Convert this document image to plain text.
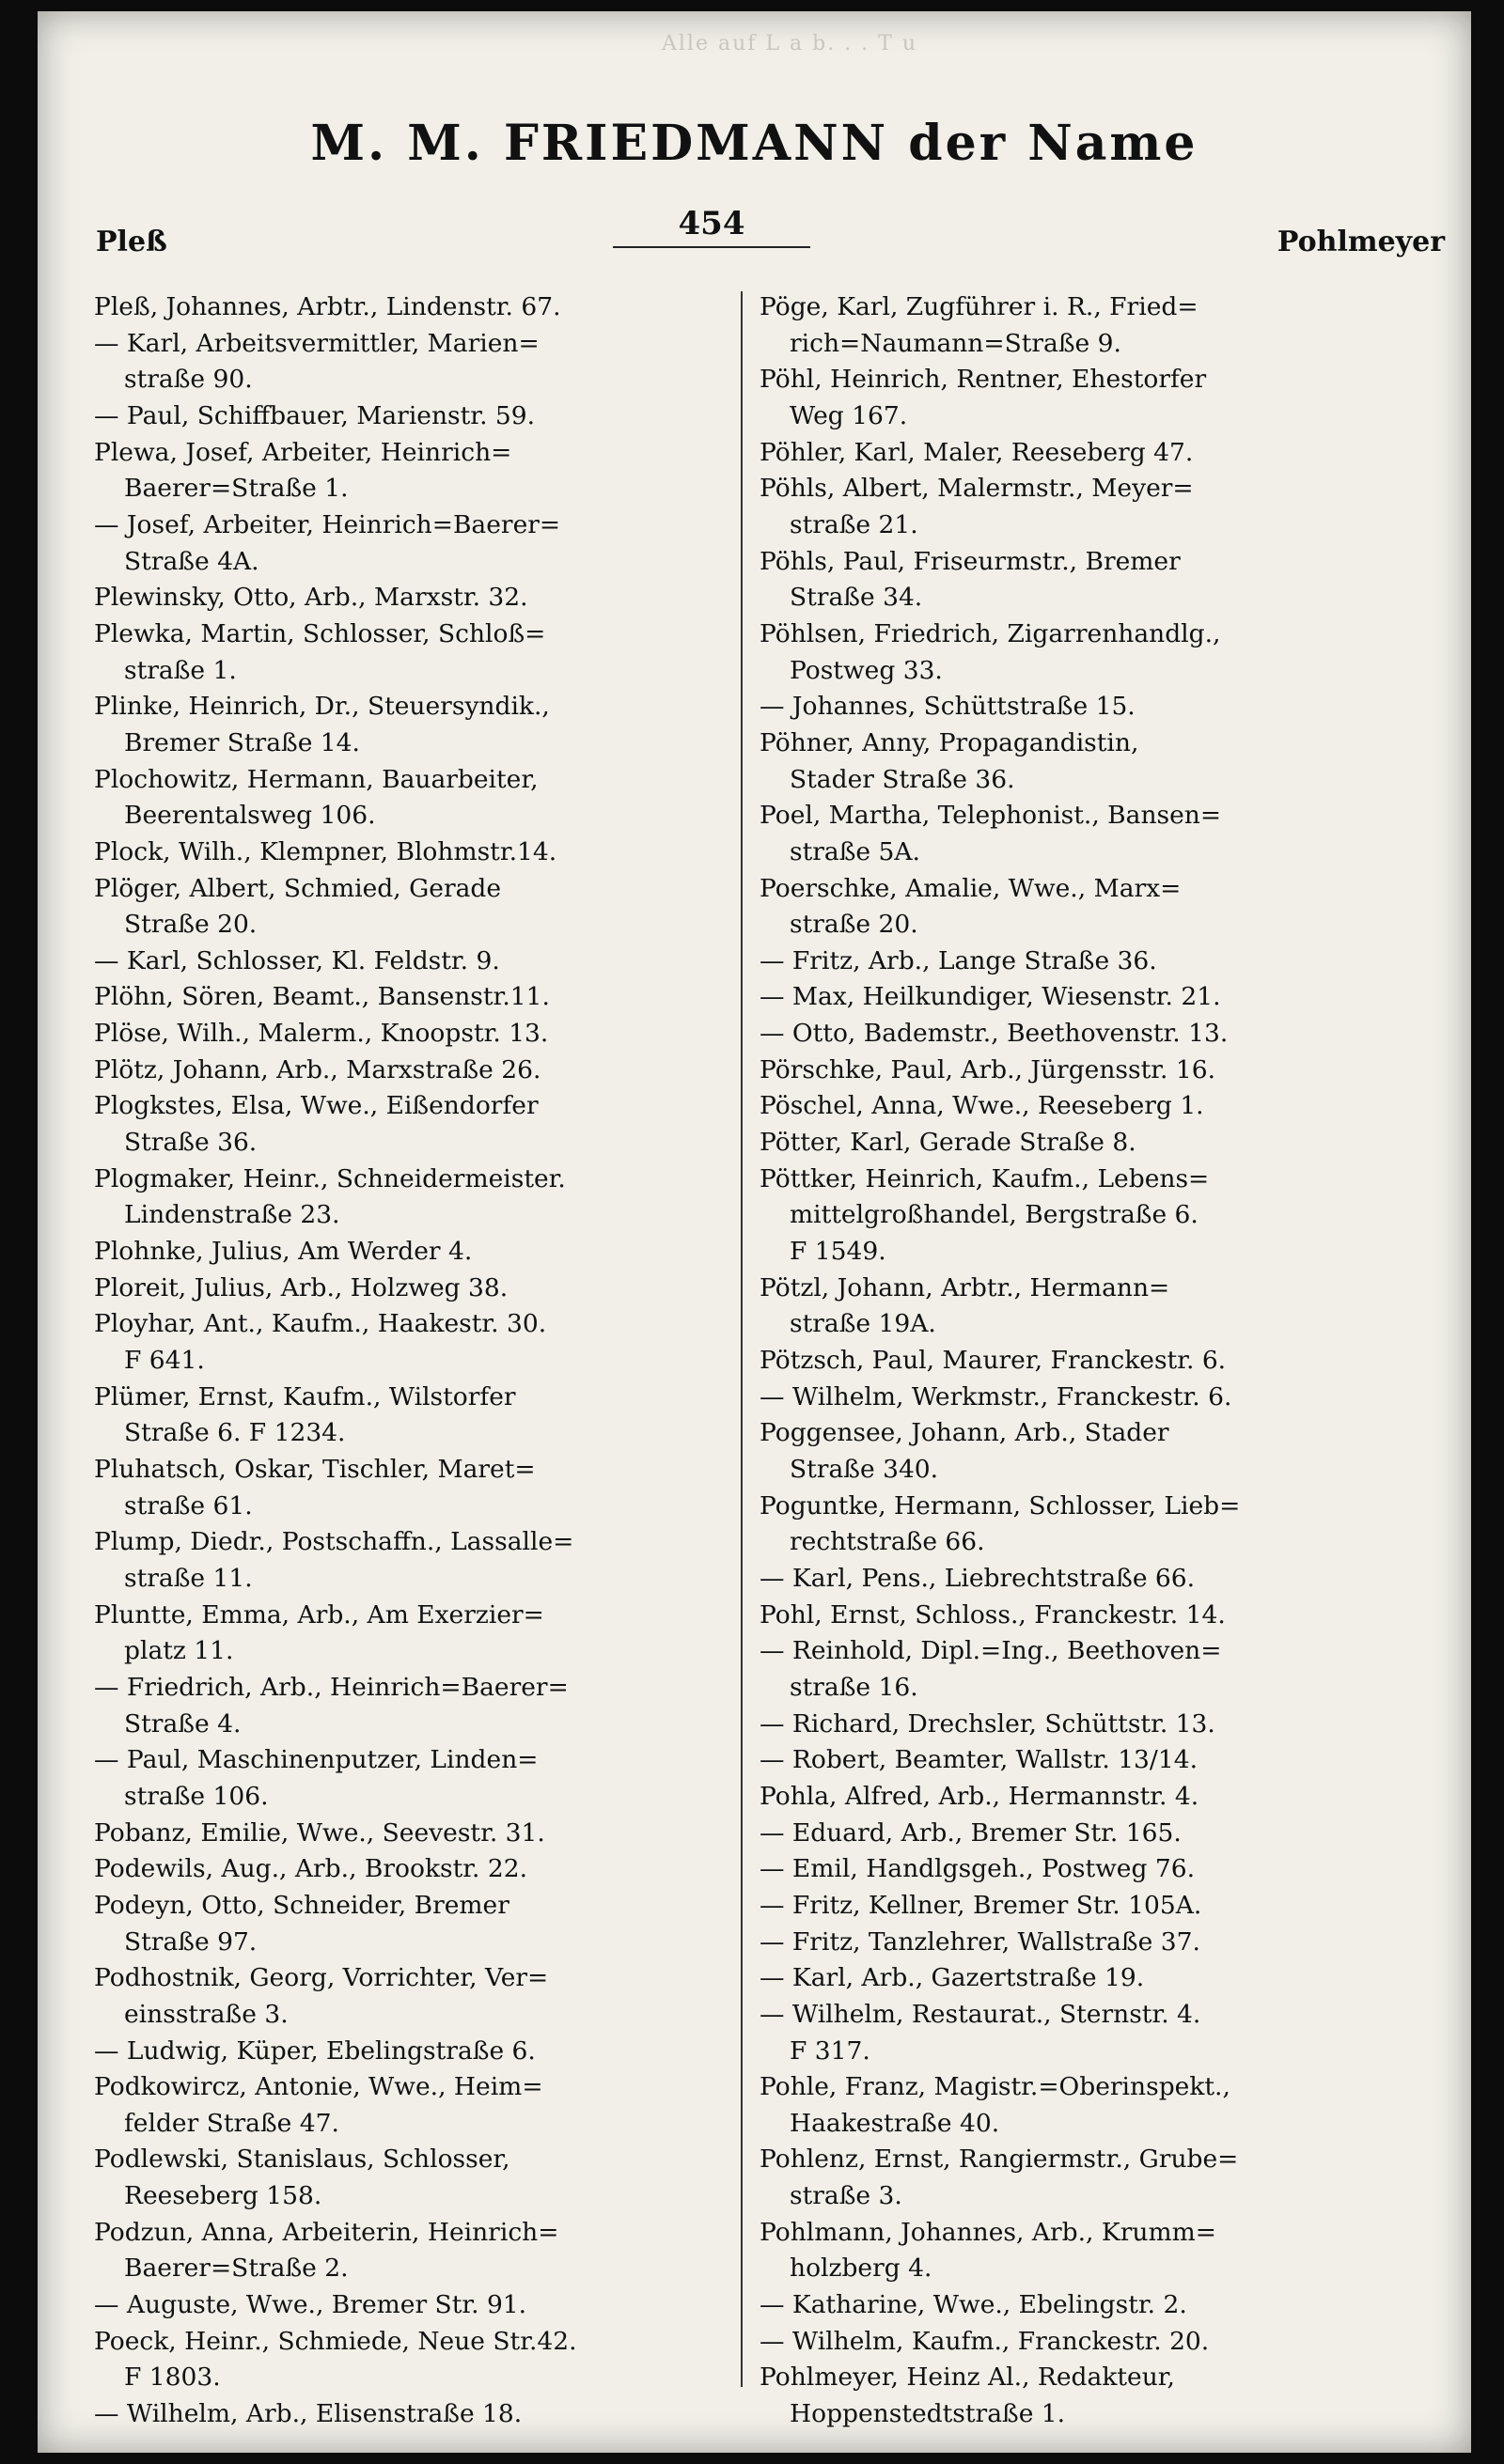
Alle auf L a b. . . T u
M. M. FRIEDMANN der Name
Pleß	454	Pohlmeyer
Pleß, Johannes, Arbtr., Lindenstr. 67.
— Karl, Arbeitsvermittler, Marien=
straße 90.
— Paul, Schiffbauer, Marienstr. 59.
Plewa, Josef, Arbeiter, Heinrich=
Baerer=Straße 1.
— Josef, Arbeiter, Heinrich=Baerer=
Straße 4A.
Plewinsky, Otto, Arb., Marxstr. 32.
Plewka, Martin, Schlosser, Schloß=
straße 1.
Plinke, Heinrich, Dr., Steuersyndik.,
Bremer Straße 14.
Plochowitz, Hermann, Bauarbeiter,
Beerentalsweg 106.
Plock, Wilh., Klempner, Blohmstr.14.
Plöger, Albert, Schmied, Gerade
Straße 20.
— Karl, Schlosser, Kl. Feldstr. 9.
Plöhn, Sören, Beamt., Bansenstr.11.
Plöse, Wilh., Malerm., Knoopstr. 13.
Plötz, Johann, Arb., Marxstraße 26.
Plogkstes, Elsa, Wwe., Eißendorfer
Straße 36.
Plogmaker, Heinr., Schneidermeister.
Lindenstraße 23.
Plohnke, Julius, Am Werder 4.
Ploreit, Julius, Arb., Holzweg 38.
Ployhar, Ant., Kaufm., Haakestr. 30.
F 641.
Plümer, Ernst, Kaufm., Wilstorfer
Straße 6. F 1234.
Pluhatsch, Oskar, Tischler, Maret=
straße 61.
Plump, Diedr., Postschaffn., Lassalle=
straße 11.
Pluntte, Emma, Arb., Am Exerzier=
platz 11.
— Friedrich, Arb., Heinrich=Baerer=
Straße 4.
— Paul, Maschinenputzer, Linden=
straße 106.
Pobanz, Emilie, Wwe., Seevestr. 31.
Podewils, Aug., Arb., Brookstr. 22.
Podeyn, Otto, Schneider, Bremer
Straße 97.
Podhostnik, Georg, Vorrichter, Ver=
einsstraße 3.
— Ludwig, Küper, Ebelingstraße 6.
Podkowircz, Antonie, Wwe., Heim=
felder Straße 47.
Podlewski, Stanislaus, Schlosser,
Reeseberg 158.
Podzun, Anna, Arbeiterin, Heinrich=
Baerer=Straße 2.
— Auguste, Wwe., Bremer Str. 91.
Poeck, Heinr., Schmiede, Neue Str.42.
F 1803.
— Wilhelm, Arb., Elisenstraße 18.
Pöge, Karl, Zugführer i. R., Fried=
rich=Naumann=Straße 9.
Pöhl, Heinrich, Rentner, Ehestorfer
Weg 167.
Pöhler, Karl, Maler, Reeseberg 47.
Pöhls, Albert, Malermstr., Meyer=
straße 21.
Pöhls, Paul, Friseurmstr., Bremer
Straße 34.
Pöhlsen, Friedrich, Zigarrenhandlg.,
Postweg 33.
— Johannes, Schüttstraße 15.
Pöhner, Anny, Propagandistin,
Stader Straße 36.
Poel, Martha, Telephonist., Bansen=
straße 5A.
Poerschke, Amalie, Wwe., Marx=
straße 20.
— Fritz, Arb., Lange Straße 36.
— Max, Heilkundiger, Wiesenstr. 21.
— Otto, Bademstr., Beethovenstr. 13.
Pörschke, Paul, Arb., Jürgensstr. 16.
Pöschel, Anna, Wwe., Reeseberg 1.
Pötter, Karl, Gerade Straße 8.
Pöttker, Heinrich, Kaufm., Lebens=
mittelgroßhandel, Bergstraße 6.
F 1549.
Pötzl, Johann, Arbtr., Hermann=
straße 19A.
Pötzsch, Paul, Maurer, Franckestr. 6.
— Wilhelm, Werkmstr., Franckestr. 6.
Poggensee, Johann, Arb., Stader
Straße 340.
Poguntke, Hermann, Schlosser, Lieb=
rechtstraße 66.
— Karl, Pens., Liebrechtstraße 66.
Pohl, Ernst, Schloss., Franckestr. 14.
— Reinhold, Dipl.=Ing., Beethoven=
straße 16.
— Richard, Drechsler, Schüttstr. 13.
— Robert, Beamter, Wallstr. 13/14.
Pohla, Alfred, Arb., Hermannstr. 4.
— Eduard, Arb., Bremer Str. 165.
— Emil, Handlgsgeh., Postweg 76.
— Fritz, Kellner, Bremer Str. 105A.
— Fritz, Tanzlehrer, Wallstraße 37.
— Karl, Arb., Gazertstraße 19.
— Wilhelm, Restaurat., Sternstr. 4.
F 317.
Pohle, Franz, Magistr.=Oberinspekt.,
Haakestraße 40.
Pohlenz, Ernst, Rangiermstr., Grube=
straße 3.
Pohlmann, Johannes, Arb., Krumm=
holzberg 4.
— Katharine, Wwe., Ebelingstr. 2.
— Wilhelm, Kaufm., Franckestr. 20.
Pohlmeyer, Heinz Al., Redakteur,
Hoppenstedtstraße 1.
